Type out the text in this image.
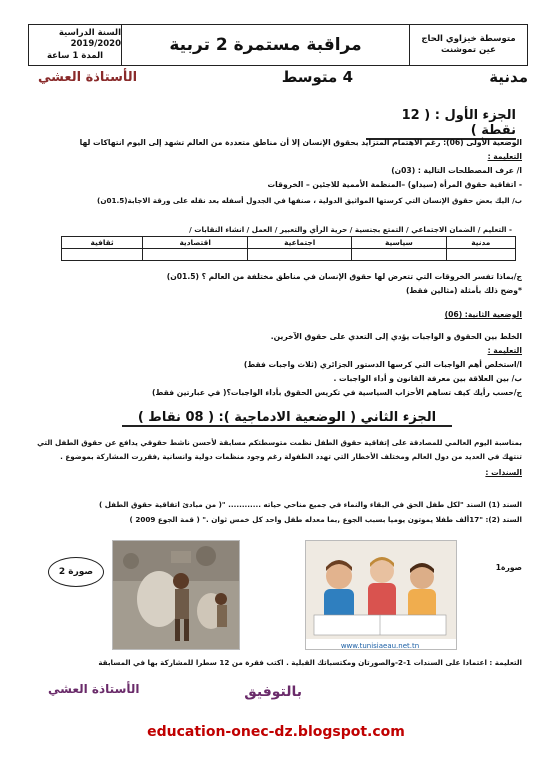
متوسطة خيزاوي الحاج
عين تموشنت
مراقبة مستمرة 2 تربية
السنة الدراسية 2019/2020
المدة 1 ساعة
مدنية
4 متوسط
الأستاذة العشي
الجزء الأول : ( 12 نقطة )
الوضعية الأولى (06): رغم الاهتمام المتزايد بحقوق الإنسان إلا أن مناطق متعددة من العالم تشهد إلى اليوم انتهاكات لها
التعليمة :
ا/ عرف المصطلحات التالية : (03ن)
- اتفاقية حقوق المرأة (سيداو) –المنظمة الأممية للاجئين – الخروقات
ب/ اليك بعض حقوق الإنسان التي كرستها المواثيق الدولية ، صنفها في الجدول أسفله بعد نقله على ورقة الاجابة(01.5ن)
- التعليم / الضمان الاجتماعي / التمتع بجنسية / حرية الرأي والتعبير / العمل / انشاء النقابات /
مدنية	سياسية	اجتماعية	اقتصادية	ثقافية

ج/بماذا تفسر الخروقات التي تتعرض لها حقوق الإنسان في مناطق مختلفة من العالم ؟ (01.5ن)
*وضح ذلك بأمثلة (مثالين فقط)
الوضعية الثانية: (06)
الخلط بين الحقوق و الواجبات يؤدي إلى التعدي على حقوق الآخرين.
التعليمة :
ا/استخلص أهم الواجبات التي كرسها الدستور الجزائري (ثلاث واجبات فقط)
ب/ بين العلاقة بين معرفة القانون و أداء الواجبات .
ج/حسب رأيك كيف تساهم الأحزاب السياسية في تكريس الحقوق بأداء الواجبات؟( في عبارتين فقط)
الجزء الثاني ( الوضعية الادماجية ): ( 08 نقاط )
بمناسبة اليوم العالمي للمصادقة على إتفاقية حقوق الطفل نظمت متوسطتكم مسابقة لأحسن ناشط حقوقي يدافع عن حقوق الطفل التي
تنتهك في العديد من دول العالم ومختلف الأخطار التي تهدد الطفولة رغم وجود منظمات دولية وانسانية ,فقررت المشاركة بموضوع .
السندات :
السند (1) السند "لكل طفل الحق في البقاء والنماء في جميع مناحي حياته ............ "( من مبادئ اتفاقية حقوق الطفل )
السند (2): "17ألف طفلا يموتون يوميا بسبب الجوع ,بما معدله طفل واحد كل خمس ثوان ." ( قمة الجوع 2009 )
www.tunisiaeau.net.tn
صورة1
صورة 2
التعليمة : اعتمادا على السندات 1-2-والصورتان ومكتسباتك القبلية . اكتب فقرة من 12 سطرا للمشاركة بها في المسابقة
بالتوفيق
الأستاذة العشي
education-onec-dz.blogspot.com
